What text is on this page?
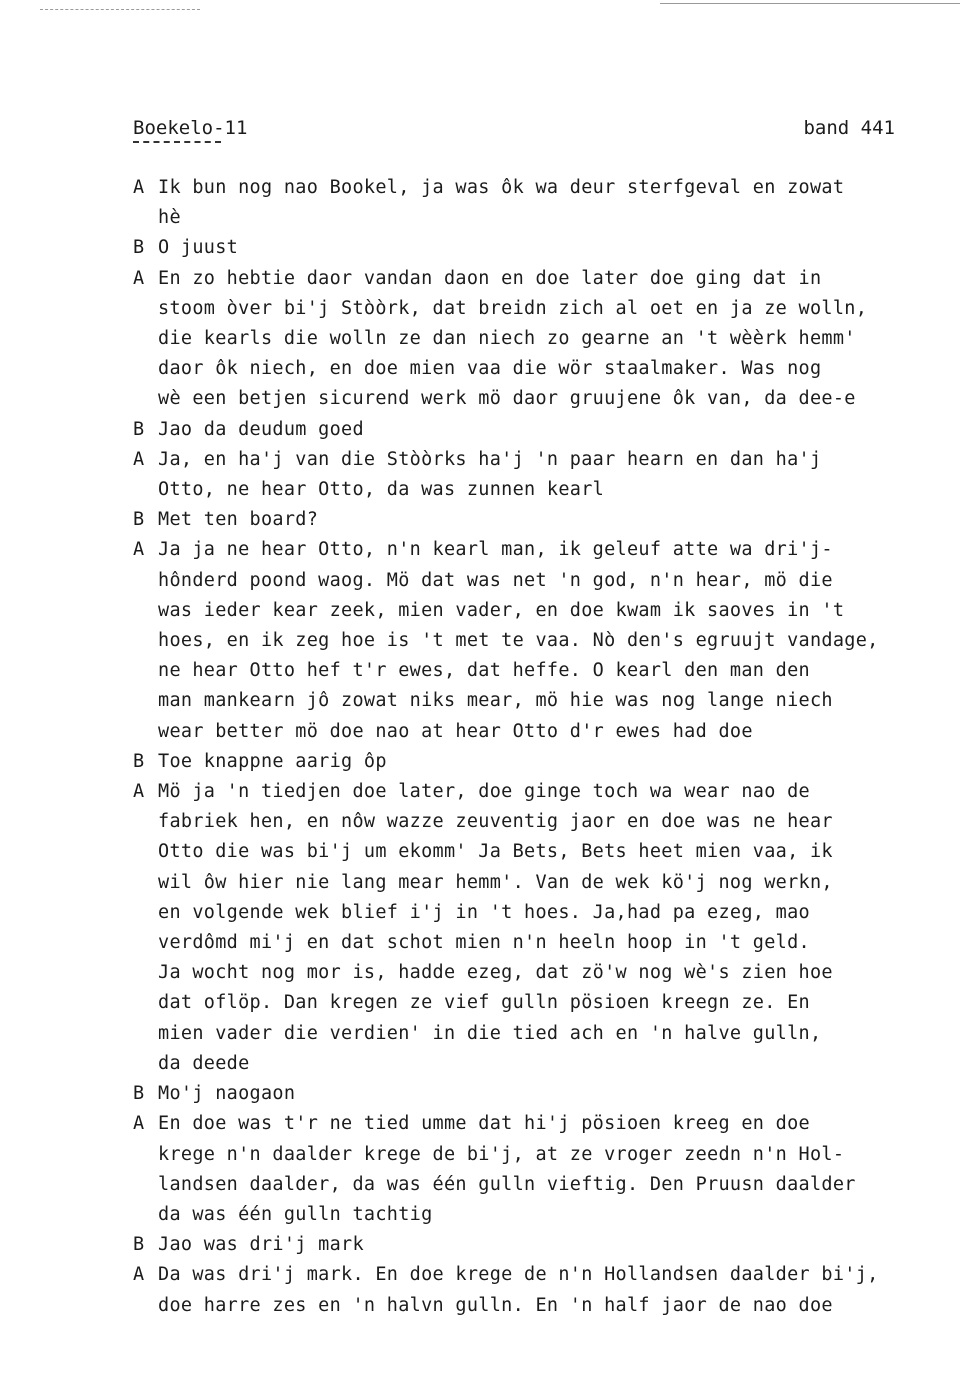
Boekelo-11	band 441
A Ik bun nog nao Bookel, ja was ôk wa deur sterfgeval en zowat
hè
B O juust
A En zo hebtie daor vandan daon en doe later doe ging dat in
stoom òver bi'j Stòòrk, dat breidn zich al oet en ja ze wolln,
die kearls die wolln ze dan niech zo gearne an 't wèèrk hemm'
daor ôk niech, en doe mien vaa die wör staalmaker. Was nog
wè een betjen sicurend werk mö daor gruujene ôk van, da dee-e
B Jao da deudum goed
A Ja, en ha'j van die Stòòrks ha'j 'n paar hearn en dan ha'j
Otto, ne hear Otto, da was zunnen kearl
B Met ten board?
A Ja ja ne hear Otto, n'n kearl man, ik geleuf atte wa dri'j-
hônderd poond waog. Mö dat was net 'n god, n'n hear, mö die
was ieder kear zeek, mien vader, en doe kwam ik saoves in 't
hoes, en ik zeg hoe is 't met te vaa. Nò den's egruujt vandage,
ne hear Otto hef t'r ewes, dat heffe. O kearl den man den
man mankearn jô zowat niks mear, mö hie was nog lange niech
wear better mö doe nao at hear Otto d'r ewes had doe
B Toe knappne aarig ôp
A Mö ja 'n tiedjen doe later, doe ginge toch wa wear nao de
fabriek hen, en nôw wazze zeuventig jaor en doe was ne hear
Otto die was bi'j um ekomm' Ja Bets, Bets heet mien vaa, ik
wil ôw hier nie lang mear hemm'. Van de wek kö'j nog werkn,
en volgende wek blief i'j in 't hoes. Ja,had pa ezeg, mao
verdômd mi'j en dat schot mien n'n heeln hoop in 't geld.
Ja wocht nog mor is, hadde ezeg, dat zö'w nog wè's zien hoe
dat oflöp. Dan kregen ze vief gulln pösioen kreegn ze. En
mien vader die verdien' in die tied ach en 'n halve gulln,
da deede
B Mo'j naogaon
A En doe was t'r ne tied umme dat hi'j pösioen kreeg en doe
krege n'n daalder krege de bi'j, at ze vroger zeedn n'n Hol-
landsen daalder, da was één gulln vieftig. Den Pruusn daalder
da was één gulln tachtig
B Jao was dri'j mark
A Da was dri'j mark. En doe krege de n'n Hollandsen daalder bi'j,
doe harre zes en 'n halvn gulln. En 'n half jaor de nao doe
